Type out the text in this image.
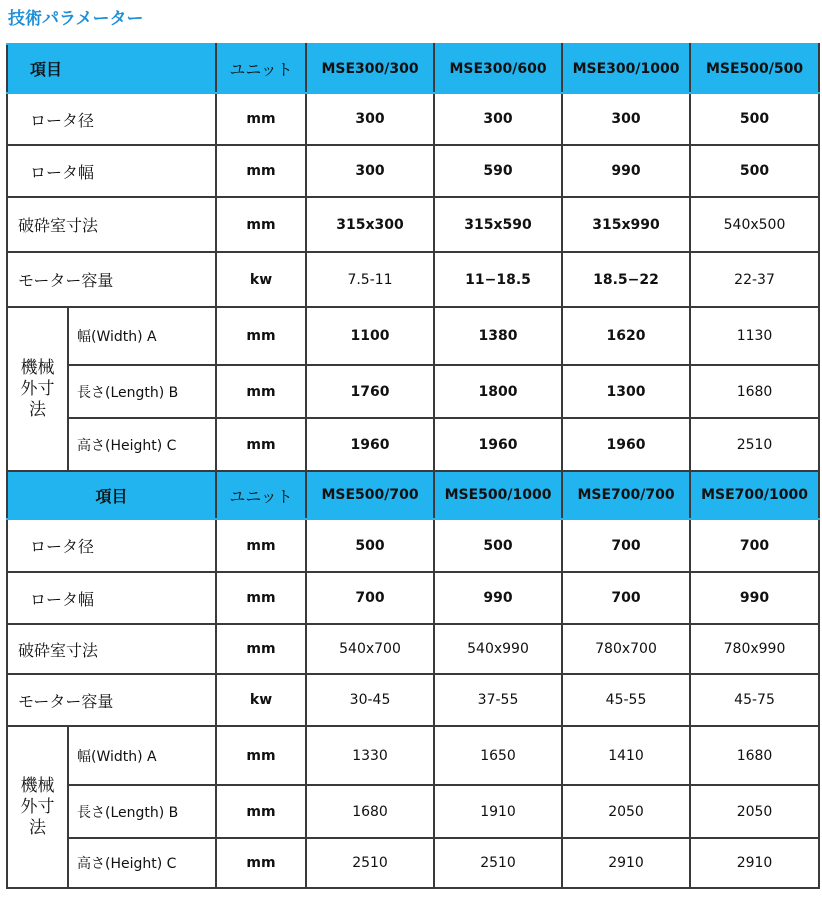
技術パラメーター
項目		ユニット	MSE300/300	MSE300/600	MSE300/1000	MSE500/500
ロータ径		mm	300	300	300	500
ロータ幅		mm	300	590	990	500
破砕室寸法		mm	315x300	315x590	315x990	540x500
モーター容量		kw	7.5-11	11−18.5	18.5−22	22-37
機械外寸法	幅(Width) A	mm	1100	1380	1620	1130
	長さ(Length) B	mm	1760	1800	1300	1680
	高さ(Height) C	mm	1960	1960	1960	2510
項目		ユニット	MSE500/700	MSE500/1000	MSE700/700	MSE700/1000
ロータ径		mm	500	500	700	700
ロータ幅		mm	700	990	700	990
破砕室寸法		mm	540x700	540x990	780x700	780x990
モーター容量		kw	30-45	37-55	45-55	45-75
機械外寸法	幅(Width) A	mm	1330	1650	1410	1680
	長さ(Length) B	mm	1680	1910	2050	2050
	高さ(Height) C	mm	2510	2510	2910	2910
